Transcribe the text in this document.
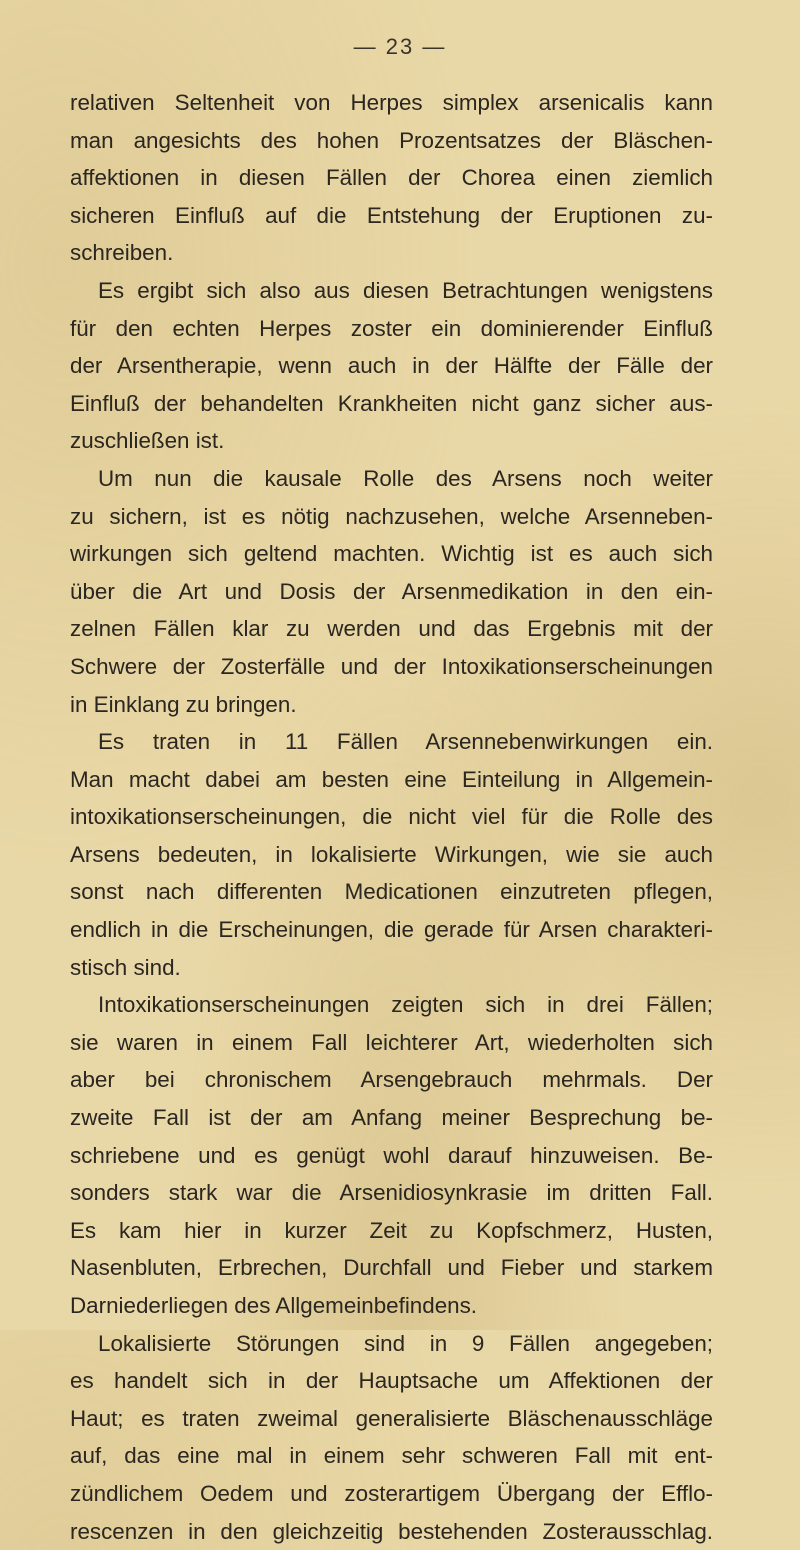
— 23 —
relativen Seltenheit von Herpes simplex arsenicalis kann
man angesichts des hohen Prozentsatzes der Bläschen-
affektionen in diesen Fällen der Chorea einen ziemlich
sicheren Einfluß auf die Entstehung der Eruptionen zu-
schreiben.
Es ergibt sich also aus diesen Betrachtungen wenigstens
für den echten Herpes zoster ein dominierender Einfluß
der Arsentherapie, wenn auch in der Hälfte der Fälle der
Einfluß der behandelten Krankheiten nicht ganz sicher aus-
zuschließen ist.
Um nun die kausale Rolle des Arsens noch weiter
zu sichern, ist es nötig nachzusehen, welche Arsenneben-
wirkungen sich geltend machten. Wichtig ist es auch sich
über die Art und Dosis der Arsenmedikation in den ein-
zelnen Fällen klar zu werden und das Ergebnis mit der
Schwere der Zosterfälle und der Intoxikationserscheinungen
in Einklang zu bringen.
Es traten in 11 Fällen Arsennebenwirkungen ein.
Man macht dabei am besten eine Einteilung in Allgemein-
intoxikationserscheinungen, die nicht viel für die Rolle des
Arsens bedeuten, in lokalisierte Wirkungen, wie sie auch
sonst nach differenten Medicationen einzutreten pflegen,
endlich in die Erscheinungen, die gerade für Arsen charakteri-
stisch sind.
Intoxikationserscheinungen zeigten sich in drei Fällen;
sie waren in einem Fall leichterer Art, wiederholten sich
aber bei chronischem Arsengebrauch mehrmals. Der
zweite Fall ist der am Anfang meiner Besprechung be-
schriebene und es genügt wohl darauf hinzuweisen. Be-
sonders stark war die Arsenidiosynkrasie im dritten Fall.
Es kam hier in kurzer Zeit zu Kopfschmerz, Husten,
Nasenbluten, Erbrechen, Durchfall und Fieber und starkem
Darniederliegen des Allgemeinbefindens.
Lokalisierte Störungen sind in 9 Fällen angegeben;
es handelt sich in der Hauptsache um Affektionen der
Haut; es traten zweimal generalisierte Bläschenausschläge
auf, das eine mal in einem sehr schweren Fall mit ent-
zündlichem Oedem und zosterartigem Übergang der Efflo-
rescenzen in den gleichzeitig bestehenden Zosterausschlag.
